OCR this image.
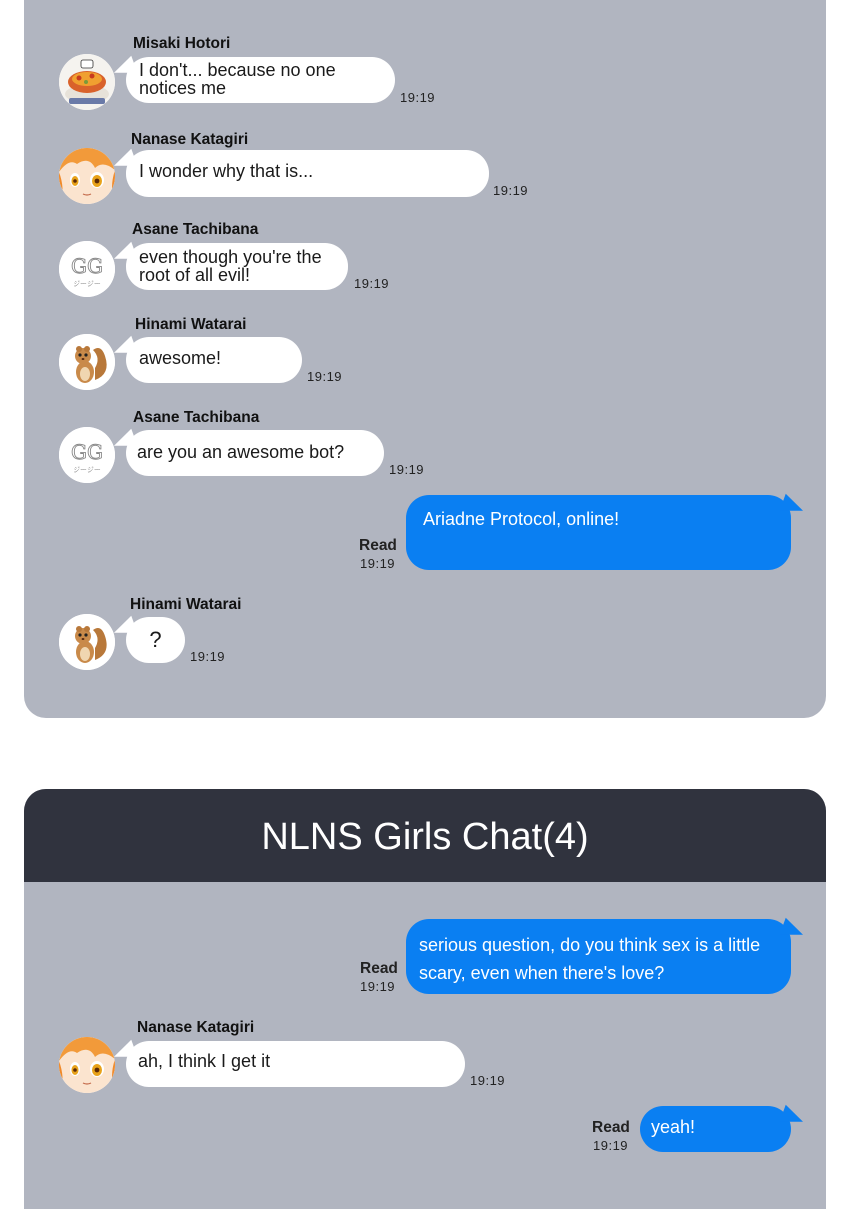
Misaki Hotori
I don't... because no one notices me	19:19
Nanase Katagiri
I wonder why that is...
19:19
Asane Tachibana
GG
ジージー
even though you're the root of all evil!	19:19
Hinami Watarai
awesome!
19:19
Asane Tachibana
GG
ジージー
are you an awesome bot?
19:19
Read
19:19
Ariadne Protocol, online!
Hinami Watarai
?
19:19
NLNS Girls Chat(4)
Read
19:19
serious question, do you think sex is a little scary, even when there's love?
Nanase Katagiri
ah, I think I get it
19:19
Read
19:19
yeah!
